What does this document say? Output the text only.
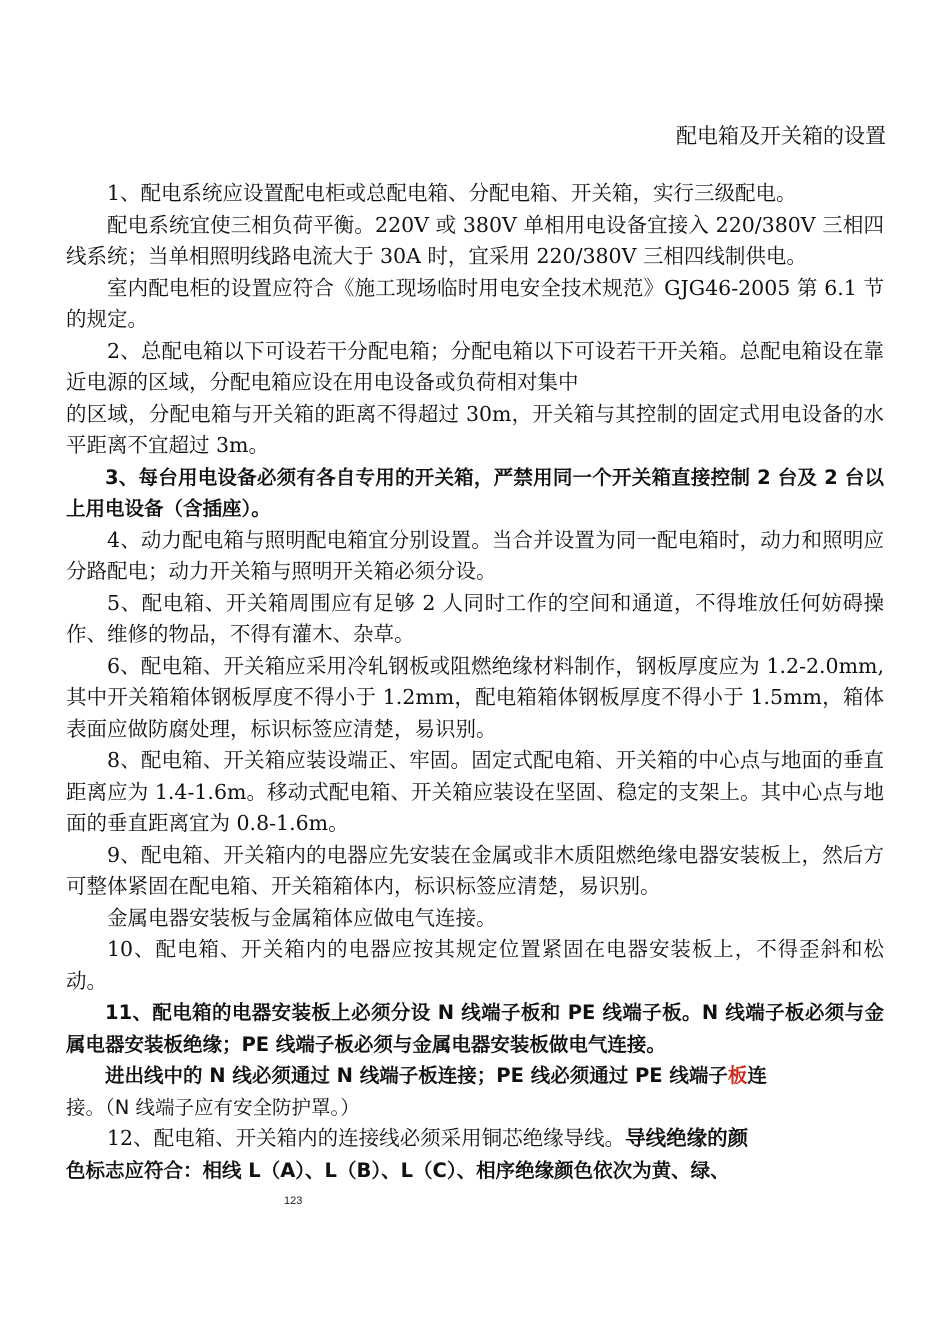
配电箱及开关箱的设置

1、配电系统应设置配电柜或总配电箱、分配电箱、开关箱，实行三级配电。

配电系统宜使三相负荷平衡。220V 或 380V 单相用电设备宜接入 220/380V 三相四线系统；当单相照明线路电流大于 30A 时，宜采用 220/380V 三相四线制供电。

室内配电柜的设置应符合《施工现场临时用电安全技术规范》GJG46-2005 第 6.1 节的规定。

2、总配电箱以下可设若干分配电箱；分配电箱以下可设若干开关箱。总配电箱设在靠近电源的区域，分配电箱应设在用电设备或负荷相对集中

的区域，分配电箱与开关箱的距离不得超过 30m，开关箱与其控制的固定式用电设备的水平距离不宜超过 3m。

3、每台用电设备必须有各自专用的开关箱，严禁用同一个开关箱直接控制 2 台及 2 台以上用电设备（含插座）。

4、动力配电箱与照明配电箱宜分别设置。当合并设置为同一配电箱时，动力和照明应分路配电；动力开关箱与照明开关箱必须分设。

5、配电箱、开关箱周围应有足够 2 人同时工作的空间和通道，不得堆放任何妨碍操作、维修的物品，不得有灌木、杂草。

6、配电箱、开关箱应采用冷轧钢板或阻燃绝缘材料制作，钢板厚度应为 1.2-2.0mm, 其中开关箱箱体钢板厚度不得小于 1.2mm，配电箱箱体钢板厚度不得小于 1.5mm，箱体表面应做防腐处理，标识标签应清楚，易识别。

8、配电箱、开关箱应装设端正、牢固。固定式配电箱、开关箱的中心点与地面的垂直距离应为 1.4-1.6m。移动式配电箱、开关箱应装设在坚固、稳定的支架上。其中心点与地面的垂直距离宜为 0.8-1.6m。

9、配电箱、开关箱内的电器应先安装在金属或非木质阻燃绝缘电器安装板上，然后方可整体紧固在配电箱、开关箱箱体内，标识标签应清楚，易识别。

金属电器安装板与金属箱体应做电气连接。

10、配电箱、开关箱内的电器应按其规定位置紧固在电器安装板上，不得歪斜和松动。

11、配电箱的电器安装板上必须分设 N 线端子板和 PE 线端子板。N 线端子板必须与金属电器安装板绝缘；PE 线端子板必须与金属电器安装板做电气连接。

进出线中的 N 线必须通过 N 线端子板连接；PE 线必须通过 PE 线端子板连

接。（N 线端子应有安全防护罩。）

12、配电箱、开关箱内的连接线必须采用铜芯绝缘导线。导线绝缘的颜

色标志应符合：相线 L（A）、L（B）、L（C）、相序绝缘颜色依次为黄、绿、

123
